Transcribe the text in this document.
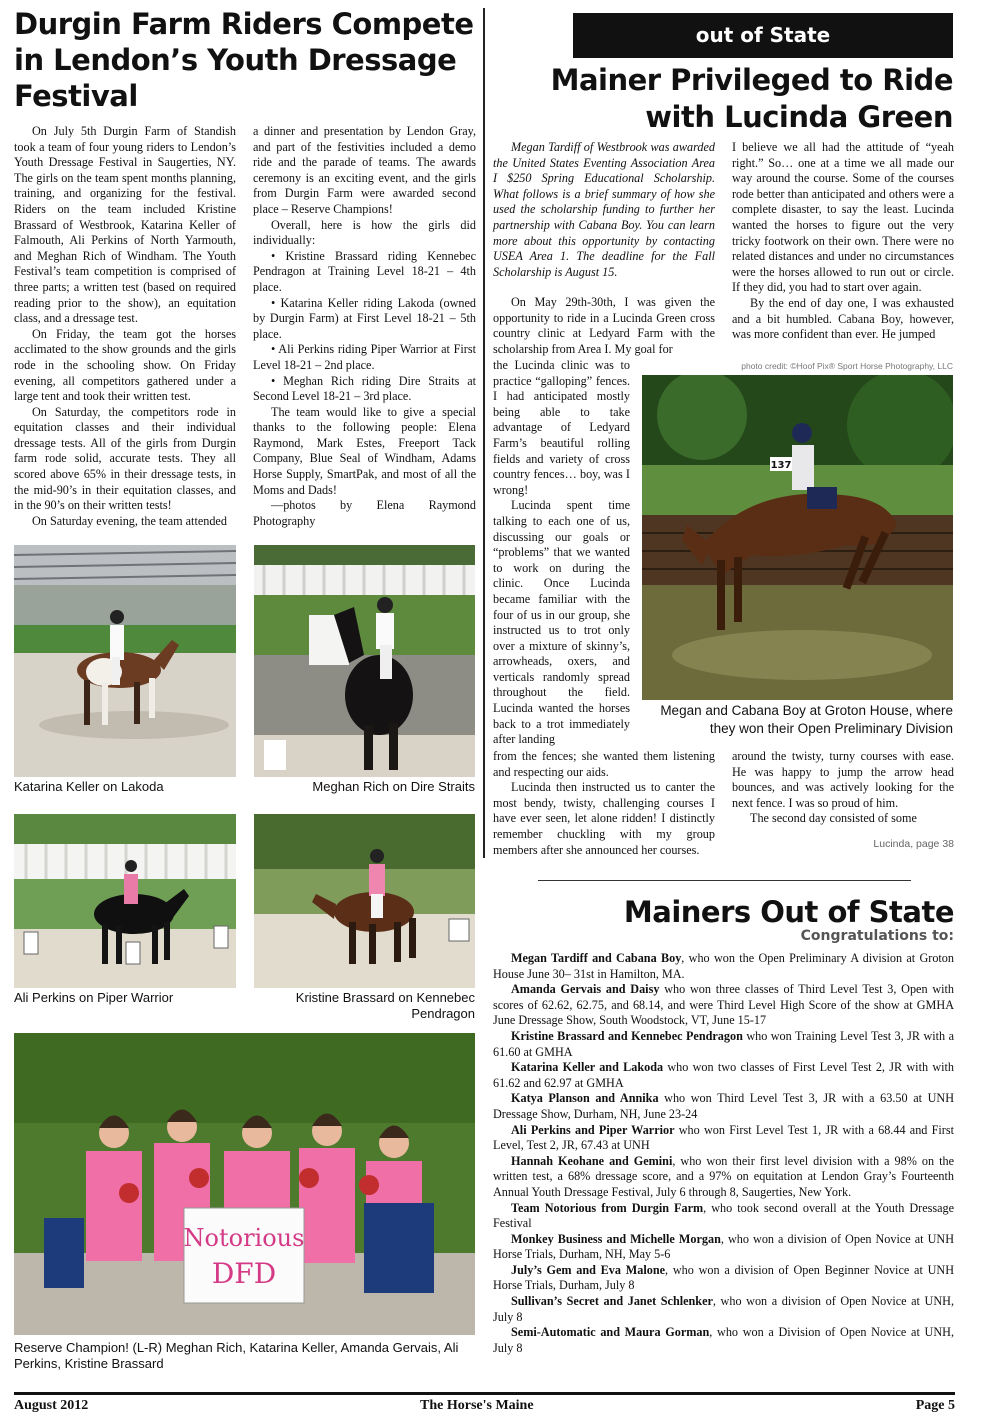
Durgin Farm Riders Compete
in Lendon’s Youth Dressage
Festival

On July 5th Durgin Farm of Standish took a team of four young riders to Lendon’s Youth Dressage Festival in Saugerties, NY. The girls on the team spent months planning, training, and organizing for the festival. Riders on the team included Kristine Brassard of Westbrook, Katarina Keller of Falmouth, Ali Perkins of North Yarmouth, and Meghan Rich of Windham. The Youth Festival’s team competition is comprised of three parts; a written test (based on required reading prior to the show), an equitation class, and a dressage test.

On Friday, the team got the horses acclimated to the show grounds and the girls rode in the schooling show. On Friday evening, all competitors gathered under a large tent and took their written test.

On Saturday, the competitors rode in equitation classes and their individual dressage tests. All of the girls from Durgin farm rode solid, accurate tests. They all scored above 65% in their dressage tests, in the mid-90’s in their equitation classes, and in the 90’s on their written tests!

On Saturday evening, the team attended

a dinner and presentation by Lendon Gray, and part of the festivities included a demo ride and the parade of teams. The awards ceremony is an exciting event, and the girls from Durgin Farm were awarded second place – Reserve Champions!

Overall, here is how the girls did individually:

• Kristine Brassard riding Kennebec Pendragon at Training Level 18-21 – 4th place.

• Katarina Keller riding Lakoda (owned by Durgin Farm) at First Level 18-21 – 5th place.

• Ali Perkins riding Piper Warrior at First Level 18-21 – 2nd place.

• Meghan Rich riding Dire Straits at Second Level 18-21 – 3rd place.

The team would like to give a special thanks to the following people: Elena Raymond, Mark Estes, Freeport Tack Company, Blue Seal of Windham, Adams Horse Supply, SmartPak, and most of all the Moms and Dads!

—photos by Elena Raymond Photography

Katarina Keller on Lakoda	Meghan Rich on Dire Straits
Ali Perkins on Piper Warrior	Kristine Brassard on Kennebec Pendragon
Notorious
DFD
Reserve Champion! (L-R) Meghan Rich, Katarina Keller, Amanda Gervais, Ali Perkins, Kristine Brassard
out of State
Mainer Privileged to Ride
with Lucinda Green

Megan Tardiff of Westbrook was awarded the United States Eventing Association Area I $250 Spring Educational Scholarship. What follows is a brief summary of how she used the scholarship funding to further her partnership with Cabana Boy. You can learn more about this opportunity by contacting USEA Area 1. The deadline for the Fall Scholarship is August 15.

On May 29th-30th, I was given the opportunity to ride in a Lucinda Green cross country clinic at Ledyard Farm with the scholarship from Area I. My goal for

the Lucinda clinic was to practice “galloping” fences. I had anticipated mostly being able to take advantage of Ledyard Farm’s beautiful rolling fields and variety of cross country fences… boy, was I wrong!

Lucinda spent time talking to each one of us, discussing our goals or “problems” that we wanted to work on during the clinic. Once Lucinda became familiar with the four of us in our group, she instructed us to trot only over a mixture of skinny’s, arrowheads, oxers, and verticals randomly spread throughout the field. Lucinda wanted the horses back to a trot immediately after landing

from the fences; she wanted them listening and respecting our aids.

Lucinda then instructed us to canter the most bendy, twisty, challenging courses I have ever seen, let alone ridden! I distinctly remember chuckling with my group members after she announced her courses.

I believe we all had the attitude of “yeah right.” So… one at a time we all made our way around the course. Some of the courses rode better than anticipated and others were a complete disaster, to say the least. Lucinda wanted the horses to figure out the very tricky footwork on their own. There were no related distances and under no circumstances were the horses allowed to run out or circle. If they did, you had to start over again.

By the end of day one, I was exhausted and a bit humbled. Cabana Boy, however, was more confident than ever. He jumped

photo credit: ©Hoof Pix® Sport Horse Photography, LLC
137
Megan and Cabana Boy at Groton House, where
they won their Open Preliminary Division

around the twisty, turny courses with ease. He was happy to jump the arrow head bounces, and was actively looking for the next fence. I was so proud of him.

The second day consisted of some

Lucinda, page 38
Mainers Out of State
Congratulations to:

Megan Tardiff and Cabana Boy, who won the Open Preliminary A division at Groton House June 30– 31st in Hamilton, MA.

Amanda Gervais and Daisy who won three classes of Third Level Test 3, Open with scores of 62.62, 62.75, and 68.14, and were Third Level High Score of the show at GMHA June Dressage Show, South Woodstock, VT, June 15-17

Kristine Brassard and Kennebec Pendragon who won Training Level Test 3, JR with a 61.60 at GMHA

Katarina Keller and Lakoda who won two classes of First Level Test 2, JR with with 61.62 and 62.97 at GMHA

Katya Planson and Annika who won Third Level Test 3, JR with a 63.50 at UNH Dressage Show, Durham, NH, June 23-24

Ali Perkins and Piper Warrior who won First Level Test 1, JR with a 68.44 and First Level, Test 2, JR, 67.43 at UNH

Hannah Keohane and Gemini, who won their first level division with a 98% on the written test, a 68% dressage score, and a 97% on equitation at Lendon Gray’s Fourteenth Annual Youth Dressage Festival, July 6 through 8, Saugerties, New York.

Team Notorious from Durgin Farm, who took second overall at the Youth Dressage Festival

Monkey Business and Michelle Morgan, who won a division of Open Novice at UNH Horse Trials, Durham, NH, May 5-6

July’s Gem and Eva Malone, who won a division of Open Beginner Novice at UNH Horse Trials, Durham, July 8

Sullivan’s Secret and Janet Schlenker, who won a division of Open Novice at UNH, July 8

Semi-Automatic and Maura Gorman, who won a Division of Open Novice at UNH, July 8

August 2012	The Horse's Maine	Page 5
